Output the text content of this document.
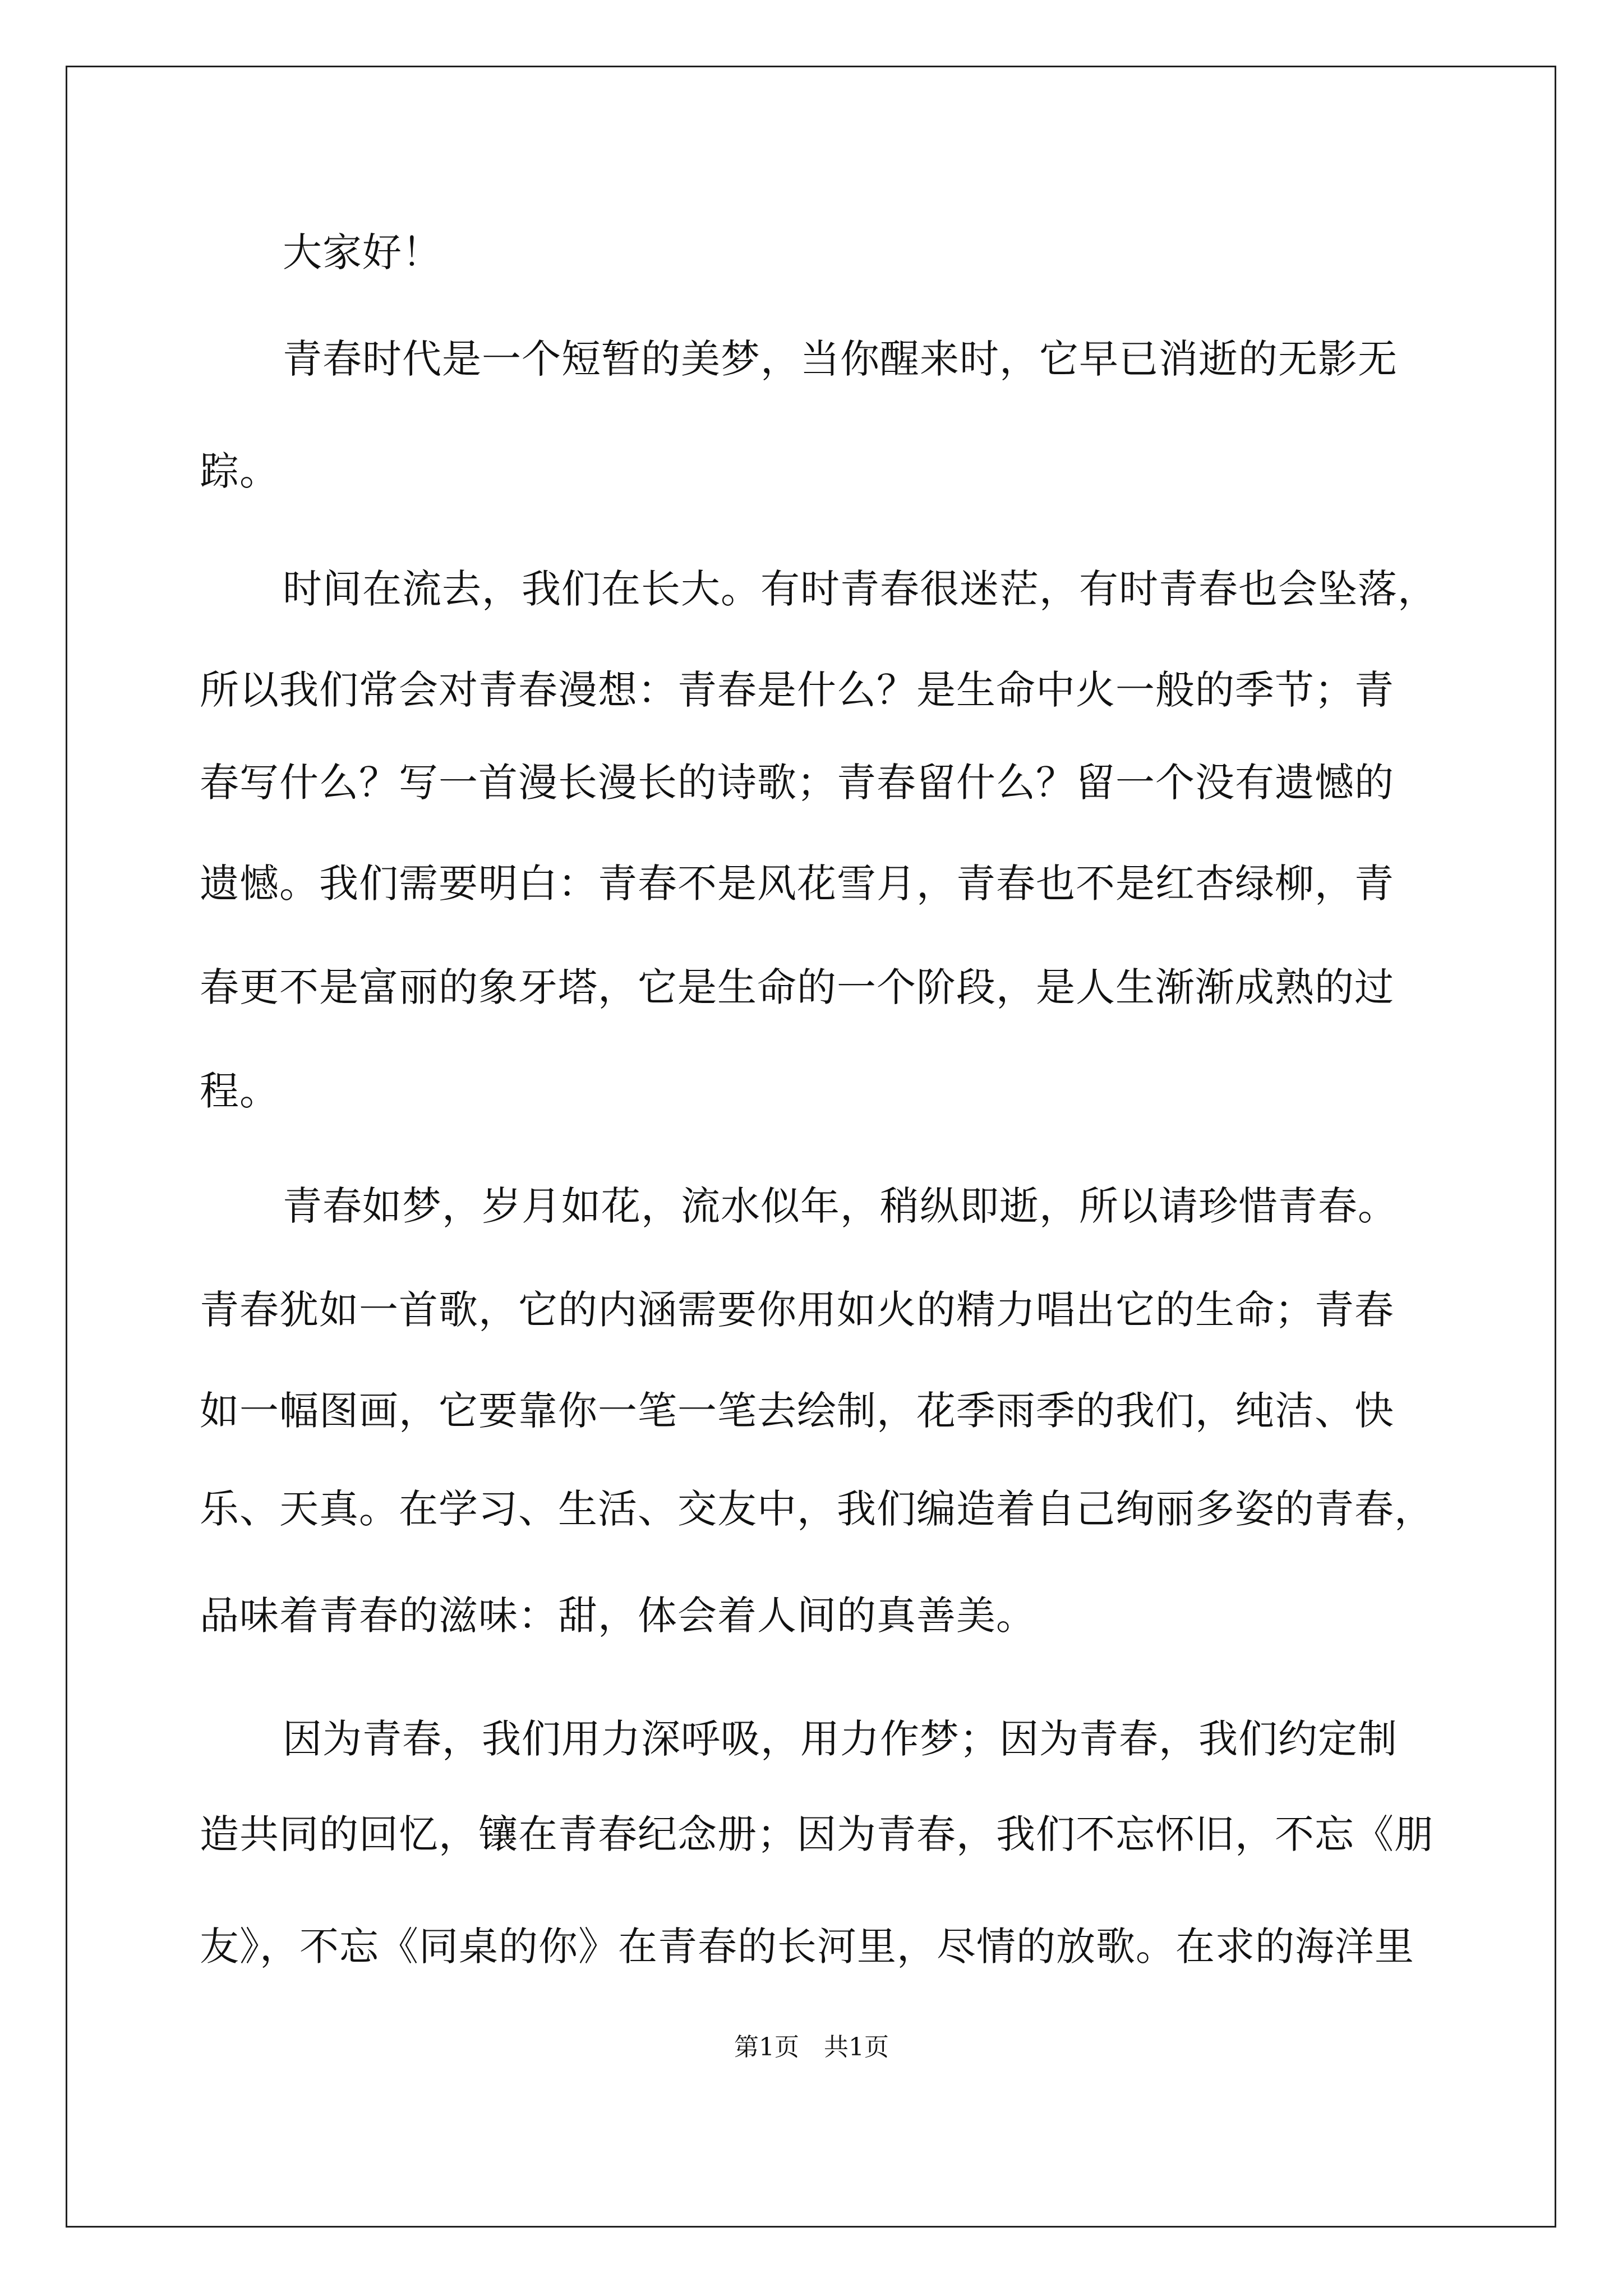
大家好！
青春时代是一个短暂的美梦，当你醒来时，它早已消逝的无影无
踪。
时间在流去，我们在长大。有时青春很迷茫，有时青春也会坠落，
所以我们常会对青春漫想：青春是什么？是生命中火一般的季节；青
春写什么？写一首漫长漫长的诗歌；青春留什么？留一个没有遗憾的
遗憾。我们需要明白：青春不是风花雪月，青春也不是红杏绿柳，青
春更不是富丽的象牙塔，它是生命的一个阶段，是人生渐渐成熟的过
程。
青春如梦，岁月如花，流水似年，稍纵即逝，所以请珍惜青春。
青春犹如一首歌，它的内涵需要你用如火的精力唱出它的生命；青春
如一幅图画，它要靠你一笔一笔去绘制，花季雨季的我们，纯洁、快
乐、天真。在学习、生活、交友中，我们编造着自己绚丽多姿的青春，
品味着青春的滋味：甜，体会着人间的真善美。
因为青春，我们用力深呼吸，用力作梦；因为青春，我们约定制
造共同的回忆，镶在青春纪念册；因为青春，我们不忘怀旧，不忘《朋
友》，不忘《同桌的你》在青春的长河里，尽情的放歌。在求的海洋里
第1页 共1页
